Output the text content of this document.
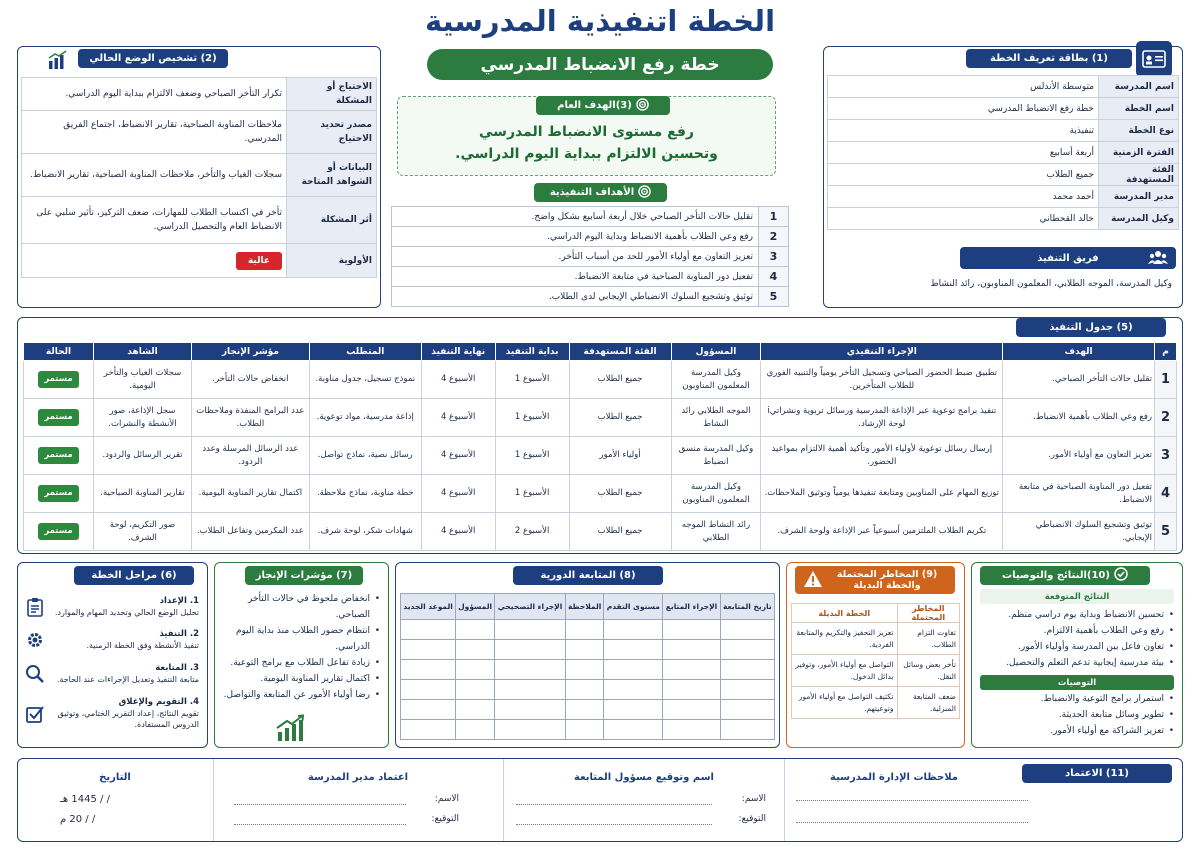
الخطة اتنفيذية المدرسية
خطة رفع الانضباط المدرسي
(3)الهدف العام
رفع مستوى الانضباط المدرسي
وتحسين الالتزام ببداية اليوم الدراسي.
الأهداف التنفيذية
1	تقليل حالات التأخر الصباحي خلال أربعة أسابيع بشكل واضح.
2	رفع وعي الطلاب بأهمية الانضباط وبداية اليوم الدراسي.
3	تعزيز التعاون مع أولياء الأمور للحد من أسباب التأخر.
4	تفعيل دور المناوبة الصباحية في متابعة الانضباط.
5	توثيق وتشجيع السلوك الانضباطي الإيجابي لدى الطلاب.
(1) بطاقة تعريف الخطة
اسم المدرسة	متوسطة الأندلس
اسم الخطة	خطة رفع الانضباط المدرسي
نوع الخطة	تنفيذية
الفترة الزمنية	أربعة أسابيع
الفئة المستهدفة	جميع الطلاب
مدير المدرسة	أحمد محمد
وكيل المدرسة	خالد القحطاني
فريق التنفيذ
وكيل المدرسة، الموجه الطلابي، المعلمون المناوبون، رائد النشاط
(2) تشخيص الوضع الحالي
الاحتياج أو المشكلة	تكرار التأخر الصباحي وضعف الالتزام ببداية اليوم الدراسي.
مصدر تحديد الاحتياج	ملاحظات المناوبة الصباحية، تقارير الانضباط، اجتماع الفريق المدرسي.
البيانات أو الشواهد المتاحة	سجلات الغياب والتأخر، ملاحظات المناوبة الصباحية، تقارير الانضباط.
أثر المشكلة	تأخر في اكتساب الطلاب للمهارات، ضعف التركيز، تأثير سلبي على الانضباط العام والتحصيل الدراسي.
الأولوية	عالية
(5) جدول التنفيذ
م	الهدف	الإجراء التنفيذي	المسؤول	الفئة المستهدفة	بداية التنفيذ	نهاية التنفيذ	المتطلب	مؤشر الإنجاز	الشاهد	الحالة
1	تقليل حالات التأخر الصباحي.	تطبيق ضبط الحضور الصباحي وتسجيل التأخر يومياً والتنبيه الفوري للطلاب المتأخرين.	وكيل المدرسة المعلمون المناوبون	جميع الطلاب	الأسبوع 1	الأسبوع 4	نموذج تسجيل، جدول مناوبة.	انخفاض حالات التأخر.	سجلات الغياب والتأخر اليومية.	مستمر
2	رفع وعي الطلاب بأهمية الانضباط.	تنفيذ برامج توعوية عبر الإذاعة المدرسية ورسائل تربوية ونشراتيi لوحة الإرشاد.	الموجه الطلابي رائد النشاط	جميع الطلاب	الأسبوع 1	الأسبوع 4	إذاعة مدرسية، مواد توعوية.	عدد البرامج المنفذة وملاحظات الطلاب.	سجل الإذاعة، صور الأنشطة والنشرات.	مستمر
3	تعزيز التعاون مع أولياء الأمور.	إرسال رسائل توعوية لأولياء الأمور وتأكيد أهمية الالتزام بمواعيد الحضور.	وكيل المدرسة منسق انضباط	أولياء الأمور	الأسبوع 1	الأسبوع 4	رسائل نصية، نماذج تواصل.	عدد الرسائل المرسلة وعدد الردود.	تقرير الرسائل والردود.	مستمر
4	تفعيل دور المناوبة الصباحية في متابعة الانضباط.	توزيع المهام على المناوبين ومتابعة تنفيذها يومياً وتوثيق الملاحظات.	وكيل المدرسة المعلمون المناوبون	جميع الطلاب	الأسبوع 1	الأسبوع 4	خطة مناوبة، نماذج ملاحظة.	اكتمال تقارير المناوبة اليومية.	تقارير المناوبة الصباحية.	مستمر
5	توثيق وتشجيع السلوك الانضباطي الإيجابي.	تكريم الطلاب الملتزمين أسبوعياً عبر الإذاعة ولوحة الشرف.	رائد النشاط الموجه الطلابي	جميع الطلاب	الأسبوع 2	الأسبوع 4	شهادات شكر، لوحة شرف.	عدد المكرمين وتفاعل الطلاب.	صور التكريم، لوحة الشرف.	مستمر
(10)النتائج والتوصيات
النتائج المتوقعة
• تحسين الانضباط وبداية يوم دراسي منظم.
• رفع وعي الطلاب بأهمية الالتزام.
• تعاون فاعل بين المدرسة وأولياء الأمور.
• بيئة مدرسية إيجابية تدعم التعلم والتحصيل.
التوصيات
• استمرار برامج التوعية والانضباط.
• تطوير وسائل متابعة الحديثة.
• تعزيز الشراكة مع أولياء الأمور.
(9) المخاطر المحتملة والخطة البديلة
المخاطر المحتملة	الخطة البديلة
تفاوت التزام الطلاب.	تعزيز التحفيز والتكريم والمتابعة الفردية.
تأخر بعض وسائل النقل.	التواصل مع أولياء الأمور، وتوفير بدائل الدخول.
ضعف المتابعة المنزلية.	تكثيف التواصل مع أولياء الأمور وتوعيتهم.
(8) المتابعة الدورية
تاريخ المتابعة	الإجراء المتابع	مستوى التقدم	الملاحظة	الإجراء التصحيحي	المسؤول	الموعد الجديد

(7) مؤشرات الإنجاز
• انخفاض ملحوظ في حالات التأخر الصباحي.
• انتظام حضور الطلاب منذ بداية اليوم الدراسي.
• زيادة تفاعل الطلاب مع برامج التوعية.
• اكتمال تقارير المناوبة اليومية.
• رضا أولياء الأمور عن المتابعة والتواصل.
(6) مراحل الخطة
1. الإعداد
تحليل الوضع الحالي وتحديد المهام والموارد.
2. التنفيذ
تنفيذ الأنشطة وفق الخطة الزمنية.
3. المتابعة
متابعة التنفيذ وتعديل الإجراءات عند الحاجة.
4. التقويم والإغلاق
تقويم النتائج، إعداد التقرير الختامي، وتوثيق الدروس المستفادة.
(11) الاعتماد
ملاحظات الإدارة المدرسية
اسم وتوقيع مسؤول المتابعة
الاسم:
التوقيع:
اعتماد مدير المدرسة
الاسم:
التوقيع:
التاريخ
/ / 1445 هـ
/ / 20 م
